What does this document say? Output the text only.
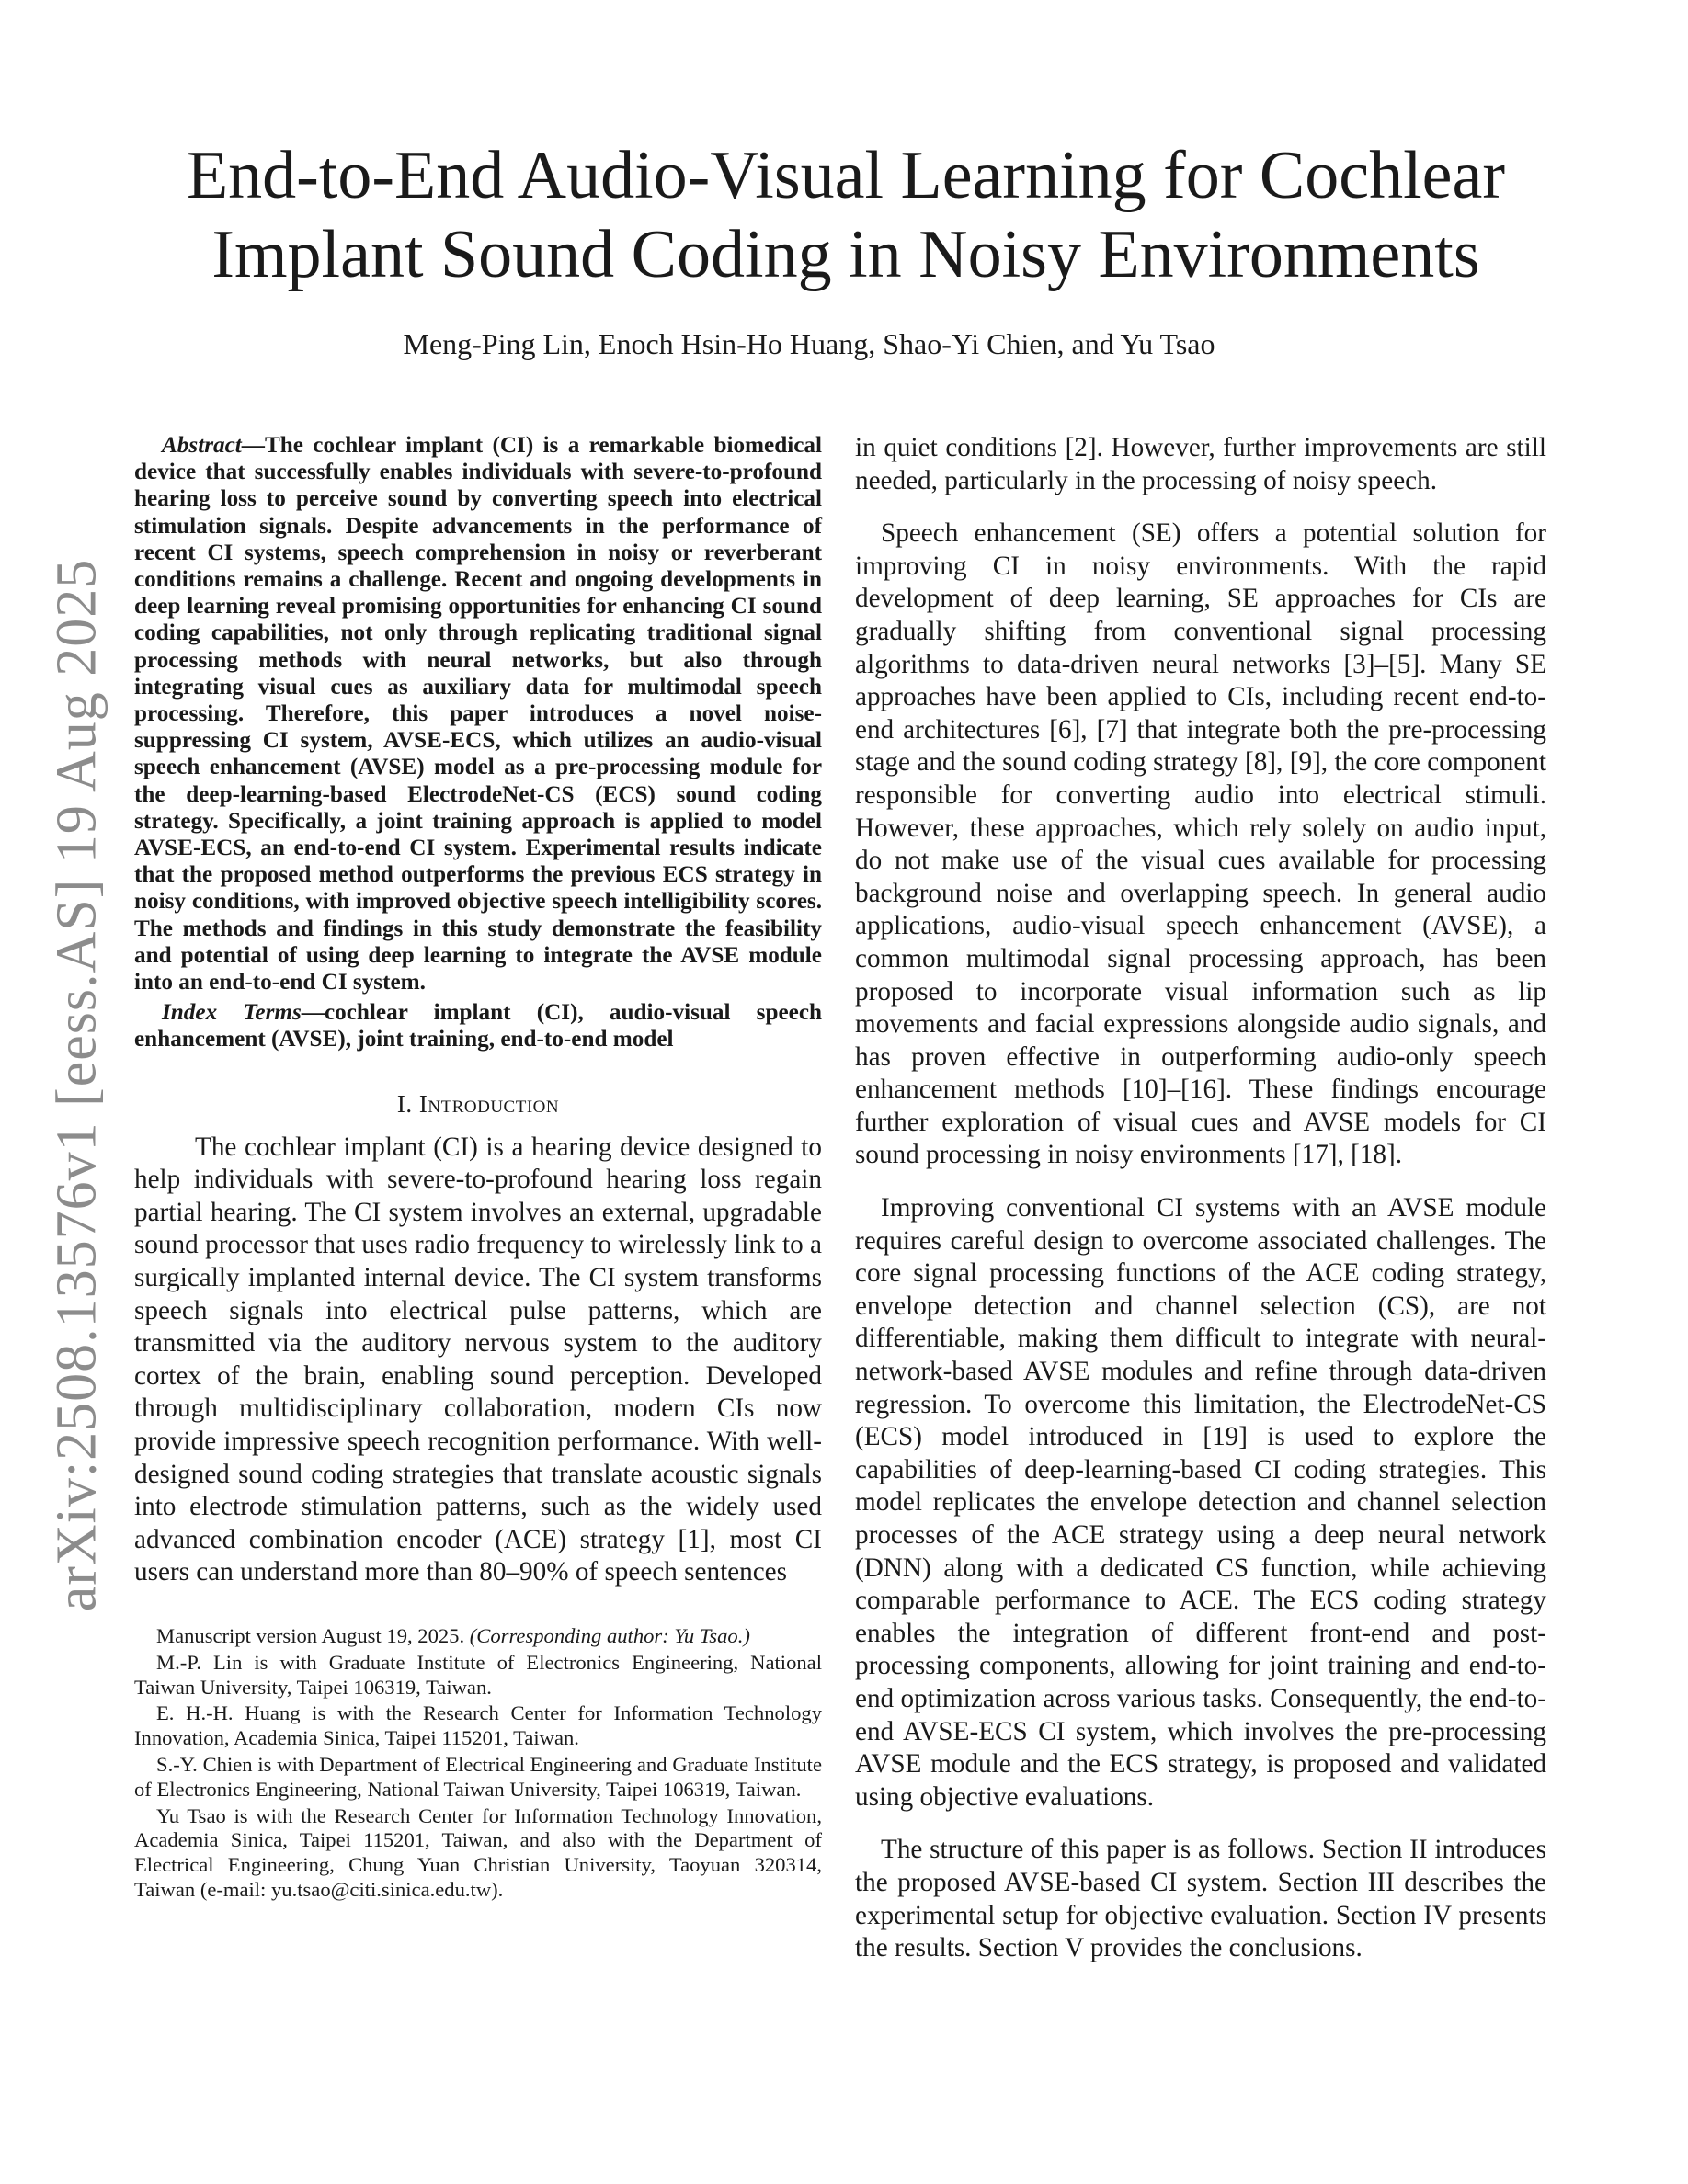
arXiv:2508.13576v1 [eess.AS] 19 Aug 2025
End-to-End Audio-Visual Learning for Cochlear Implant Sound Coding in Noisy Environments
Meng-Ping Lin, Enoch Hsin-Ho Huang, Shao-Yi Chien, and Yu Tsao

Abstract—The cochlear implant (CI) is a remarkable biomedical device that successfully enables individuals with severe-to-profound hearing loss to perceive sound by converting speech into electrical stimulation signals. Despite advancements in the performance of recent CI systems, speech comprehension in noisy or reverberant conditions remains a challenge. Recent and ongoing developments in deep learning reveal promising opportunities for enhancing CI sound coding capabilities, not only through replicating traditional signal processing methods with neural networks, but also through integrating visual cues as auxiliary data for multimodal speech processing. Therefore, this paper introduces a novel noise-suppressing CI system, AVSE-ECS, which utilizes an audio-visual speech enhancement (AVSE) model as a pre-processing module for the deep-learning-based ElectrodeNet-CS (ECS) sound coding strategy. Specifically, a joint training approach is applied to model AVSE-ECS, an end-to-end CI system. Experimental results indicate that the proposed method outperforms the previous ECS strategy in noisy conditions, with improved objective speech intelligibility scores. The methods and findings in this study demonstrate the feasibility and potential of using deep learning to integrate the AVSE module into an end-to-end CI system.

Index Terms—cochlear implant (CI), audio-visual speech enhancement (AVSE), joint training, end-to-end model

I. Introduction

The cochlear implant (CI) is a hearing device designed to help individuals with severe-to-profound hearing loss regain partial hearing. The CI system involves an external, upgradable sound processor that uses radio frequency to wirelessly link to a surgically implanted internal device. The CI system transforms speech signals into electrical pulse patterns, which are transmitted via the auditory nervous system to the auditory cortex of the brain, enabling sound perception. Developed through multidisciplinary collaboration, modern CIs now provide impressive speech recognition performance. With well-designed sound coding strategies that translate acoustic signals into electrode stimulation patterns, such as the widely used advanced combination encoder (ACE) strategy [1], most CI users can understand more than 80–90% of speech sentences

Manuscript version August 19, 2025. (Corresponding author: Yu Tsao.)

M.-P. Lin is with Graduate Institute of Electronics Engineering, National Taiwan University, Taipei 106319, Taiwan.

E. H.-H. Huang is with the Research Center for Information Technology Innovation, Academia Sinica, Taipei 115201, Taiwan.

S.-Y. Chien is with Department of Electrical Engineering and Graduate Institute of Electronics Engineering, National Taiwan University, Taipei 106319, Taiwan.

Yu Tsao is with the Research Center for Information Technology Innovation, Academia Sinica, Taipei 115201, Taiwan, and also with the Department of Electrical Engineering, Chung Yuan Christian University, Taoyuan 320314, Taiwan (e-mail: yu.tsao@citi.sinica.edu.tw).

in quiet conditions [2]. However, further improvements are still needed, particularly in the processing of noisy speech.

Speech enhancement (SE) offers a potential solution for improving CI in noisy environments. With the rapid development of deep learning, SE approaches for CIs are gradually shifting from conventional signal processing algorithms to data-driven neural networks [3]–[5]. Many SE approaches have been applied to CIs, including recent end-to-end architectures [6], [7] that integrate both the pre-processing stage and the sound coding strategy [8], [9], the core component responsible for converting audio into electrical stimuli. However, these approaches, which rely solely on audio input, do not make use of the visual cues available for processing background noise and overlapping speech. In general audio applications, audio-visual speech enhancement (AVSE), a common multimodal signal processing approach, has been proposed to incorporate visual information such as lip movements and facial expressions alongside audio signals, and has proven effective in outperforming audio-only speech enhancement methods [10]–[16]. These findings encourage further exploration of visual cues and AVSE models for CI sound processing in noisy environments [17], [18].

Improving conventional CI systems with an AVSE module requires careful design to overcome associated challenges. The core signal processing functions of the ACE coding strategy, envelope detection and channel selection (CS), are not differentiable, making them difficult to integrate with neural-network-based AVSE modules and refine through data-driven regression. To overcome this limitation, the ElectrodeNet-CS (ECS) model introduced in [19] is used to explore the capabilities of deep-learning-based CI coding strategies. This model replicates the envelope detection and channel selection processes of the ACE strategy using a deep neural network (DNN) along with a dedicated CS function, while achieving comparable performance to ACE. The ECS coding strategy enables the integration of different front-end and post-processing components, allowing for joint training and end-to-end optimization across various tasks. Consequently, the end-to-end AVSE-ECS CI system, which involves the pre-processing AVSE module and the ECS strategy, is proposed and validated using objective evaluations.

The structure of this paper is as follows. Section II introduces the proposed AVSE-based CI system. Section III describes the experimental setup for objective evaluation. Section IV presents the results. Section V provides the conclusions.
